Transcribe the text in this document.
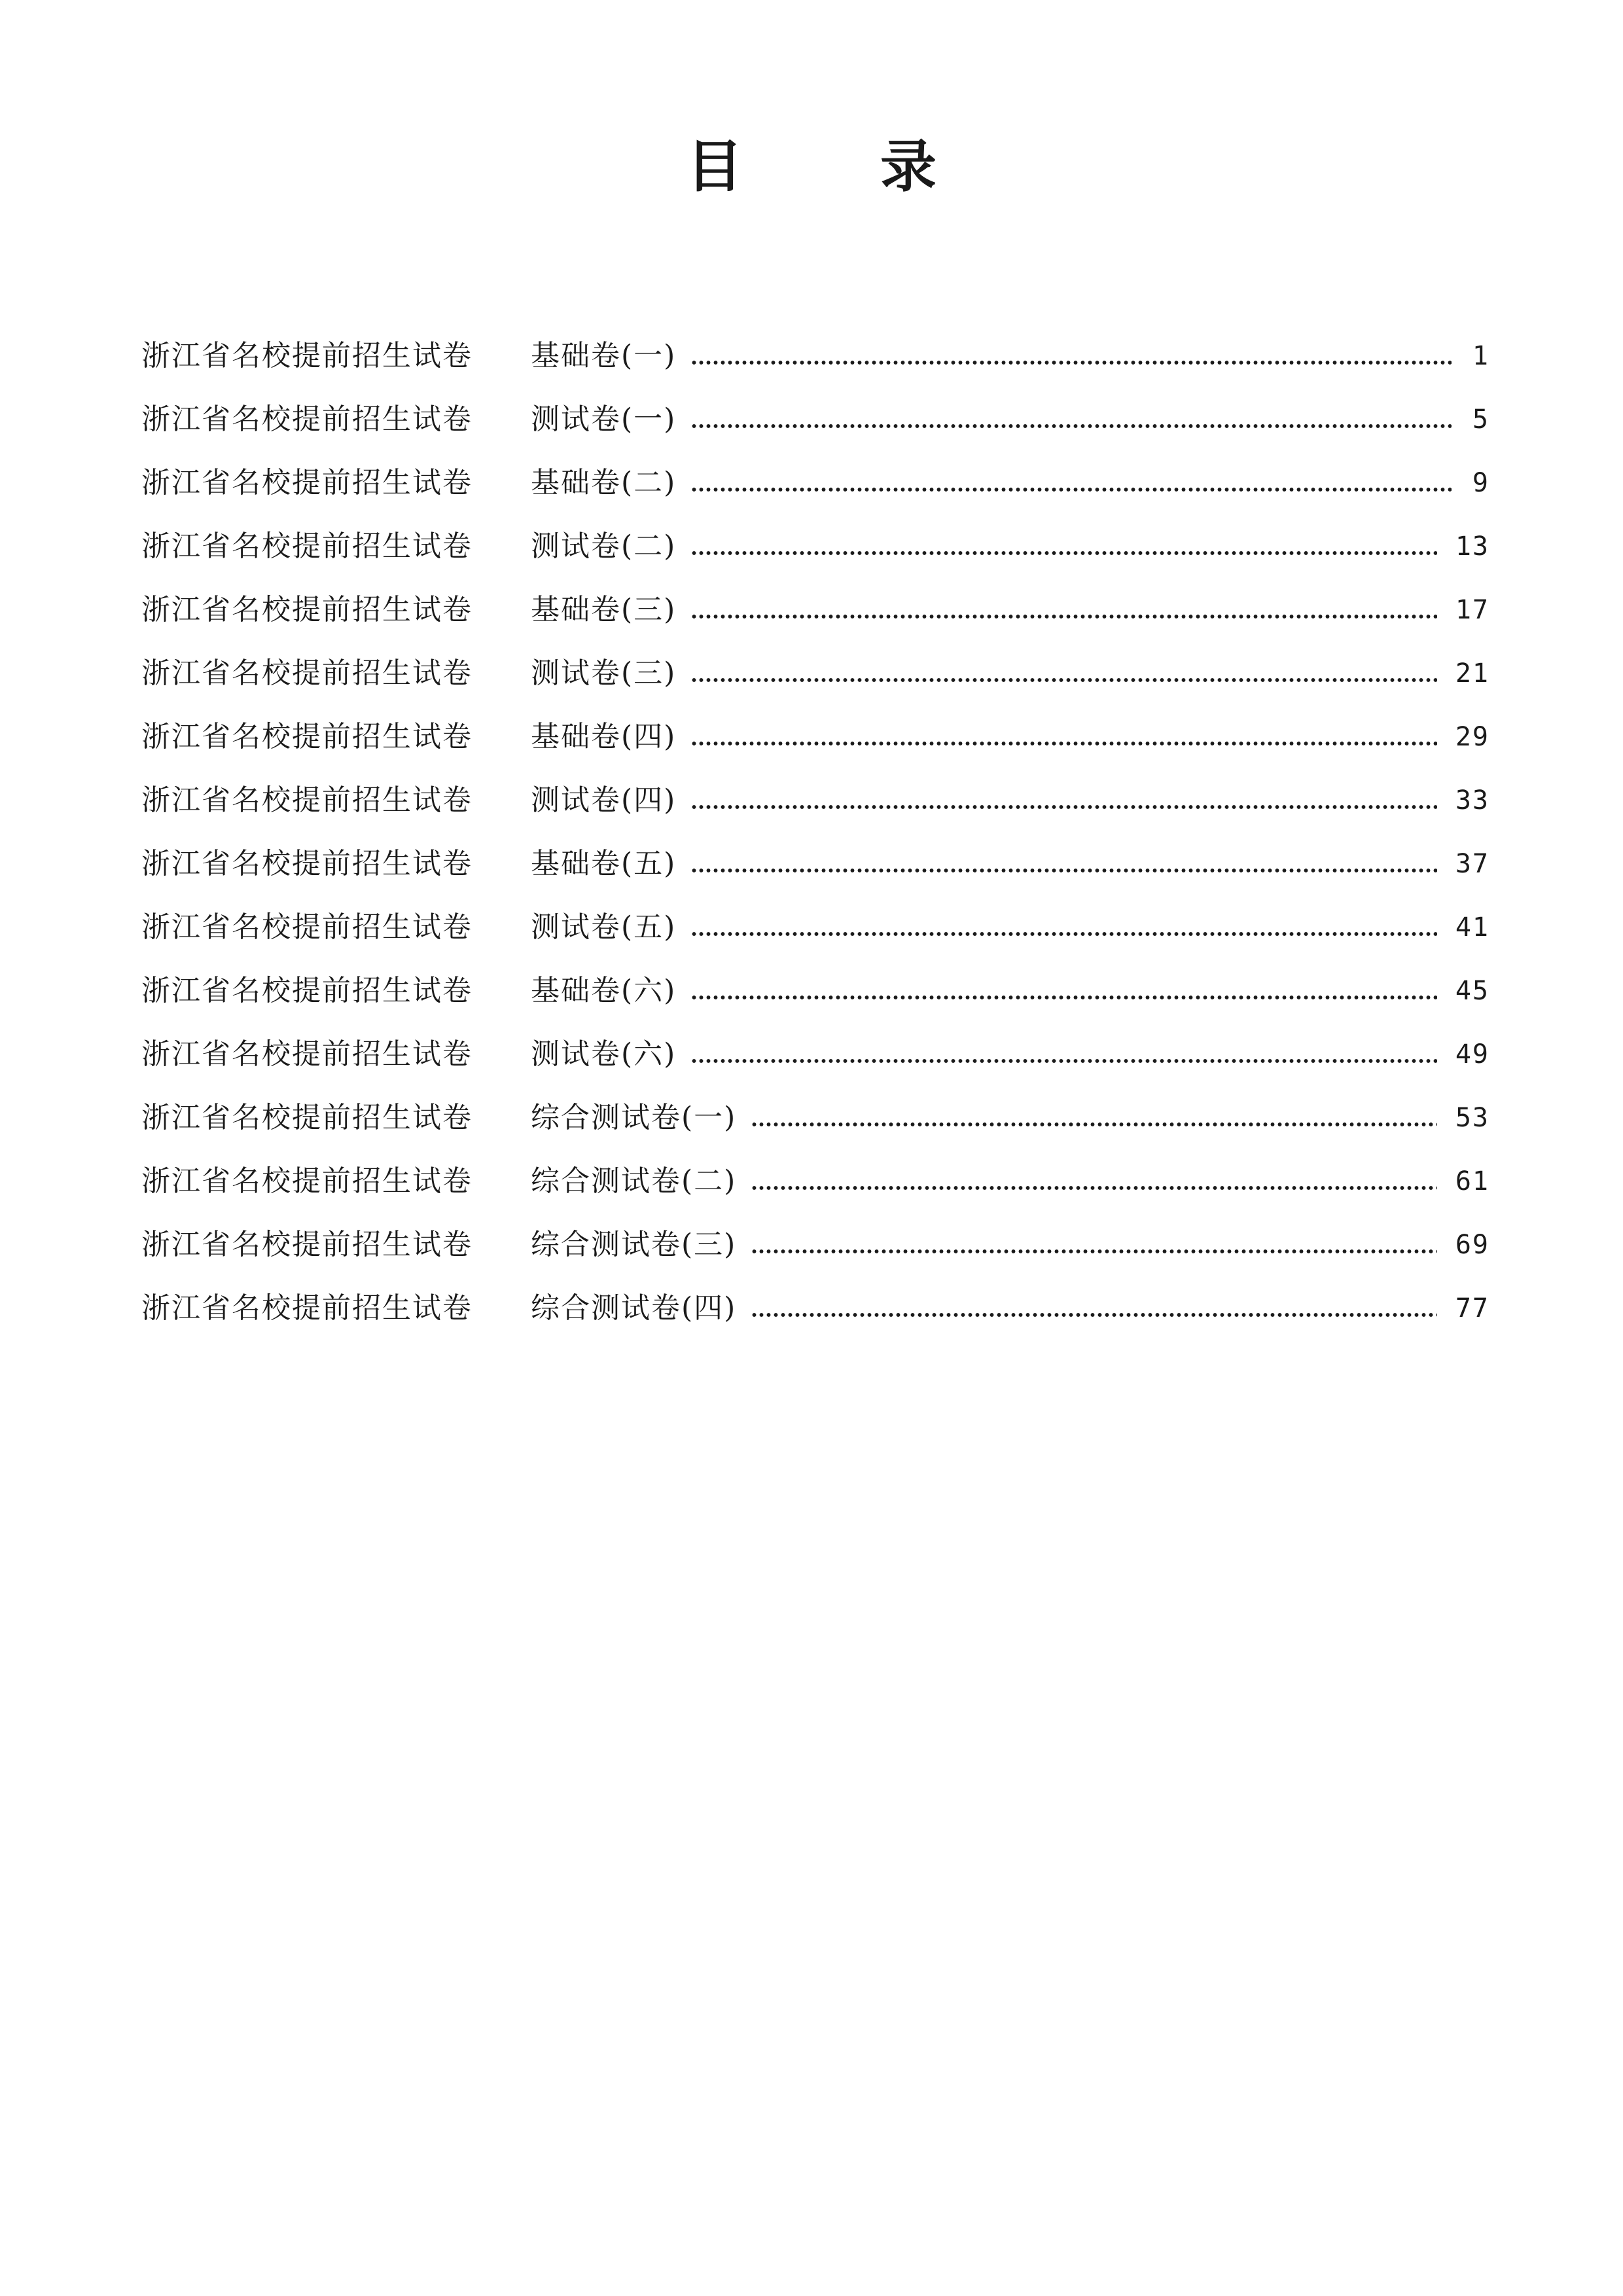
目 录
浙江省名校提前招生试卷	基础卷(一)	1
浙江省名校提前招生试卷	测试卷(一)	5
浙江省名校提前招生试卷	基础卷(二)	9
浙江省名校提前招生试卷	测试卷(二)	13
浙江省名校提前招生试卷	基础卷(三)	17
浙江省名校提前招生试卷	测试卷(三)	21
浙江省名校提前招生试卷	基础卷(四)	29
浙江省名校提前招生试卷	测试卷(四)	33
浙江省名校提前招生试卷	基础卷(五)	37
浙江省名校提前招生试卷	测试卷(五)	41
浙江省名校提前招生试卷	基础卷(六)	45
浙江省名校提前招生试卷	测试卷(六)	49
浙江省名校提前招生试卷	综合测试卷(一)	53
浙江省名校提前招生试卷	综合测试卷(二)	61
浙江省名校提前招生试卷	综合测试卷(三)	69
浙江省名校提前招生试卷	综合测试卷(四)	77
